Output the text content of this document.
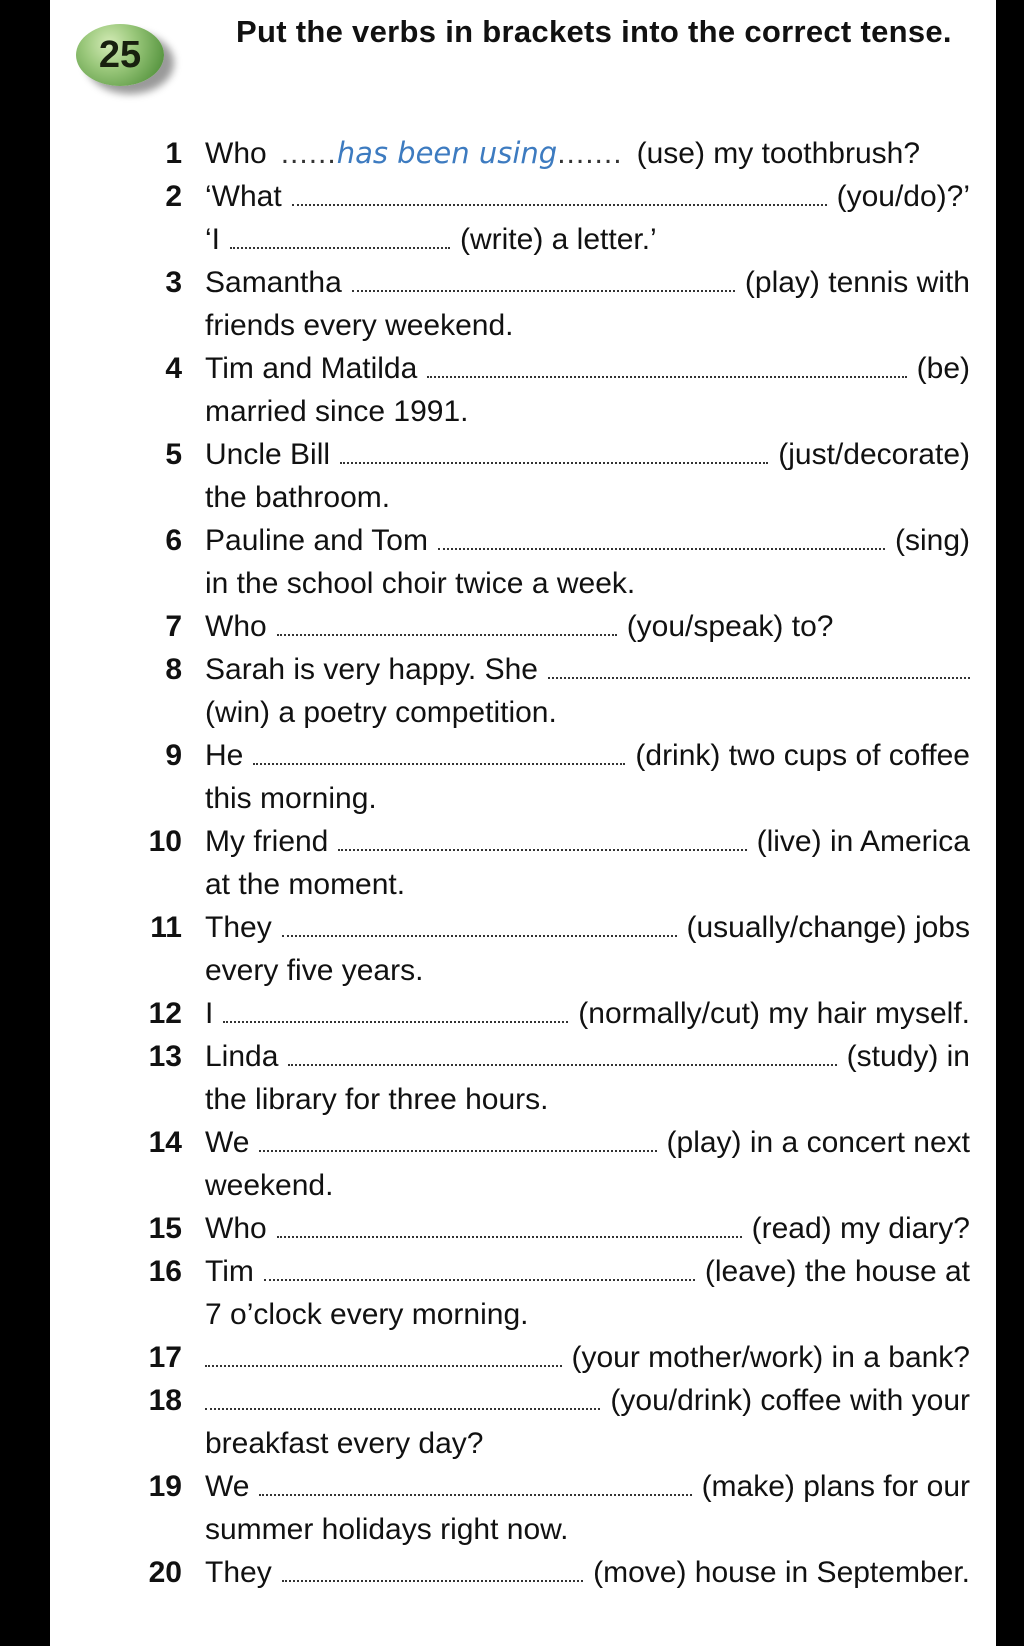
25
Put the verbs in brackets into the correct tense.
1 Who ...... has been using ....... (use) my toothbrush?
2 ‘What	(you/do)?’
‘I	(write) a letter.’
3 Samantha	(play) tennis with
friends every weekend.
4 Tim and Matilda	(be)
married since 1991.
5 Uncle Bill	(just/decorate)
the bathroom.
6 Pauline and Tom	(sing)
in the school choir twice a week.
7 Who	(you/speak) to?
8 Sarah is very happy. She
(win) a poetry competition.
9 He	(drink) two cups of coffee
this morning.
10 My friend	(live) in America
at the moment.
11 They	(usually/change) jobs
every five years.
12 I	(normally/cut) my hair myself.
13 Linda	(study) in
the library for three hours.
14 We	(play) in a concert next
weekend.
15 Who	(read) my diary?
16 Tim	(leave) the house at
7 o’clock every morning.
17	(your mother/work) in a bank?
18	(you/drink) coffee with your
breakfast every day?
19 We	(make) plans for our
summer holidays right now.
20 They	(move) house in September.
